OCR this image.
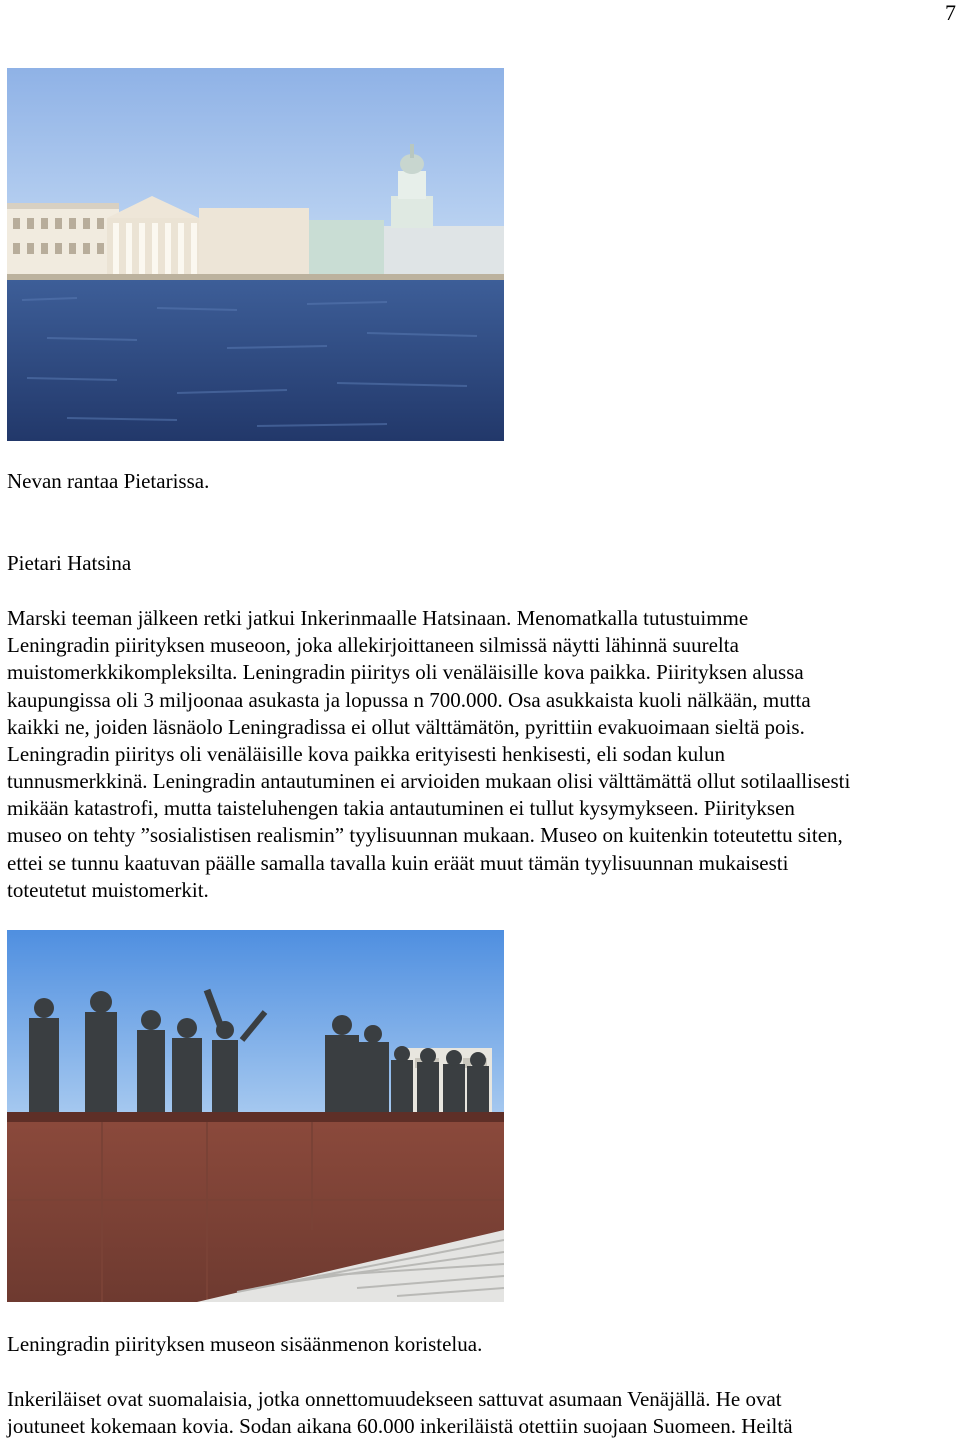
7
Nevan rantaa Pietarissa.
Pietari Hatsina
Marski teeman jälkeen retki jatkui Inkerinmaalle Hatsinaan. Menomatkalla tutustuimme
Leningradin piirityksen museoon, joka allekirjoittaneen silmissä näytti lähinnä suurelta
muistomerkkikompleksilta. Leningradin piiritys oli venäläisille kova paikka. Piirityksen alussa
kaupungissa oli 3 miljoonaa asukasta ja lopussa n 700.000. Osa asukkaista kuoli nälkään, mutta
kaikki ne, joiden läsnäolo Leningradissa ei ollut välttämätön, pyrittiin evakuoimaan sieltä pois.
Leningradin piiritys oli venäläisille kova paikka erityisesti henkisesti, eli sodan kulun
tunnusmerkkinä. Leningradin antautuminen ei arvioiden mukaan olisi välttämättä ollut sotilaallisesti
mikään katastrofi, mutta taisteluhengen takia antautuminen ei tullut kysymykseen. Piirityksen
museo on tehty ”sosialistisen realismin” tyylisuunnan mukaan. Museo on kuitenkin toteutettu siten,
ettei se tunnu kaatuvan päälle samalla tavalla kuin eräät muut tämän tyylisuunnan mukaisesti
toteutetut muistomerkit.
Leningradin piirityksen museon sisäänmenon koristelua.
Inkeriläiset ovat suomalaisia, jotka onnettomuudekseen sattuvat asumaan Venäjällä. He ovat
joutuneet kokemaan kovia. Sodan aikana 60.000 inkeriläistä otettiin suojaan Suomeen. Heiltä
